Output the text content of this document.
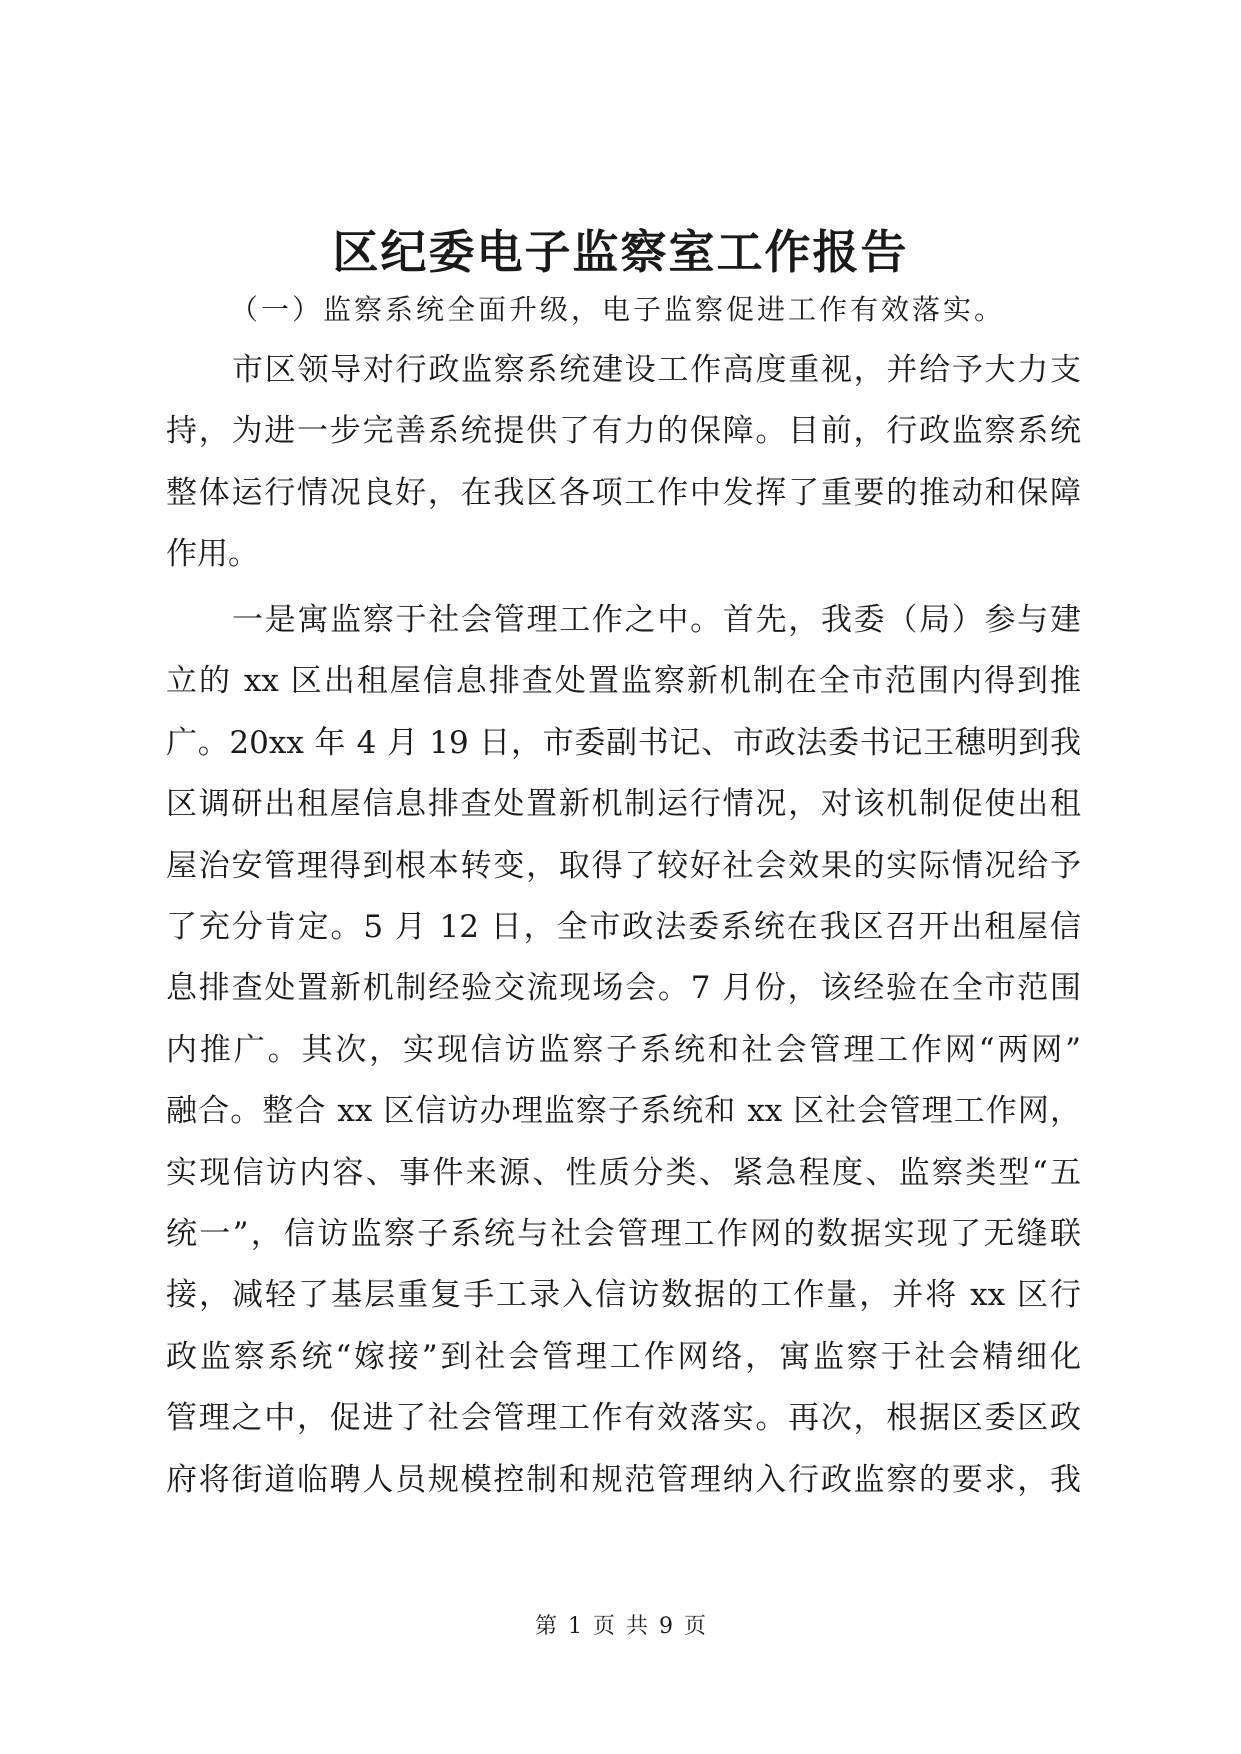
区纪委电子监察室工作报告

（一）监察系统全面升级，电子监察促进工作有效落实。

市区领导对行政监察系统建设工作高度重视，并给予大力支
持，为进一步完善系统提供了有力的保障。目前，行政监察系统
整体运行情况良好，在我区各项工作中发挥了重要的推动和保障
作用。
一是寓监察于社会管理工作之中。首先，我委（局）参与建
立的 xx 区出租屋信息排查处置监察新机制在全市范围内得到推
广。20xx 年 4 月 19 日，市委副书记、市政法委书记王穗明到我
区调研出租屋信息排查处置新机制运行情况，对该机制促使出租
屋治安管理得到根本转变，取得了较好社会效果的实际情况给予
了充分肯定。5 月 12 日，全市政法委系统在我区召开出租屋信
息排查处置新机制经验交流现场会。7 月份，该经验在全市范围
内推广。其次，实现信访监察子系统和社会管理工作网“两网”
融合。整合 xx 区信访办理监察子系统和 xx 区社会管理工作网，
实现信访内容、事件来源、性质分类、紧急程度、监察类型“五
统一”，信访监察子系统与社会管理工作网的数据实现了无缝联
接，减轻了基层重复手工录入信访数据的工作量，并将 xx 区行
政监察系统“嫁接”到社会管理工作网络，寓监察于社会精细化
管理之中，促进了社会管理工作有效落实。再次，根据区委区政
府将街道临聘人员规模控制和规范管理纳入行政监察的要求，我
第 1 页 共 9 页
